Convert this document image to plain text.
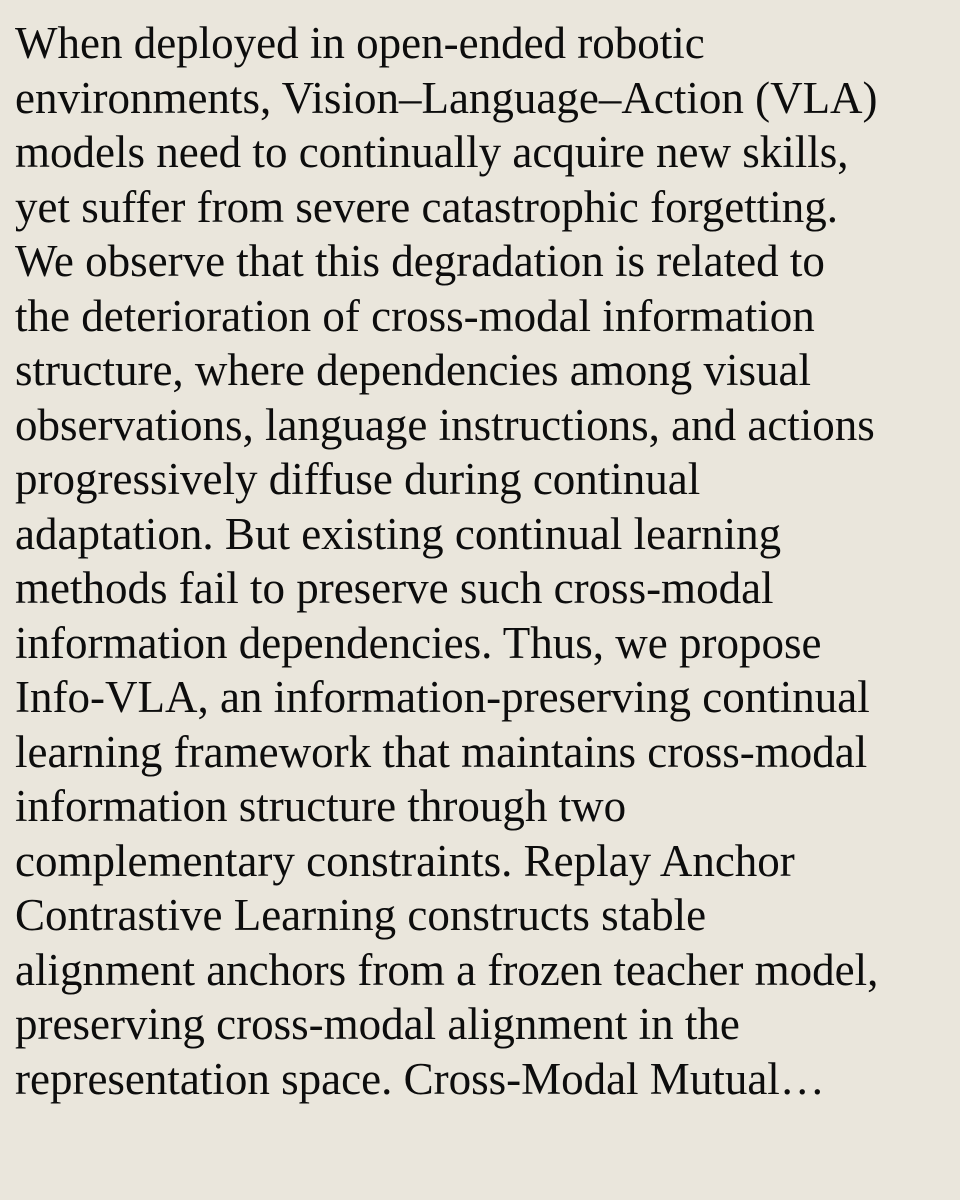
When deployed in open-ended robotic
environments, Vision–Language–Action (VLA)
models need to continually acquire new skills,
yet suffer from severe catastrophic forgetting.
We observe that this degradation is related to
the deterioration of cross-modal information
structure, where dependencies among visual
observations, language instructions, and actions
progressively diffuse during continual
adaptation. But existing continual learning
methods fail to preserve such cross-modal
information dependencies. Thus, we propose
Info-VLA, an information-preserving continual
learning framework that maintains cross-modal
information structure through two
complementary constraints. Replay Anchor
Contrastive Learning constructs stable
alignment anchors from a frozen teacher model,
preserving cross-modal alignment in the
representation space. Cross-Modal Mutual…
